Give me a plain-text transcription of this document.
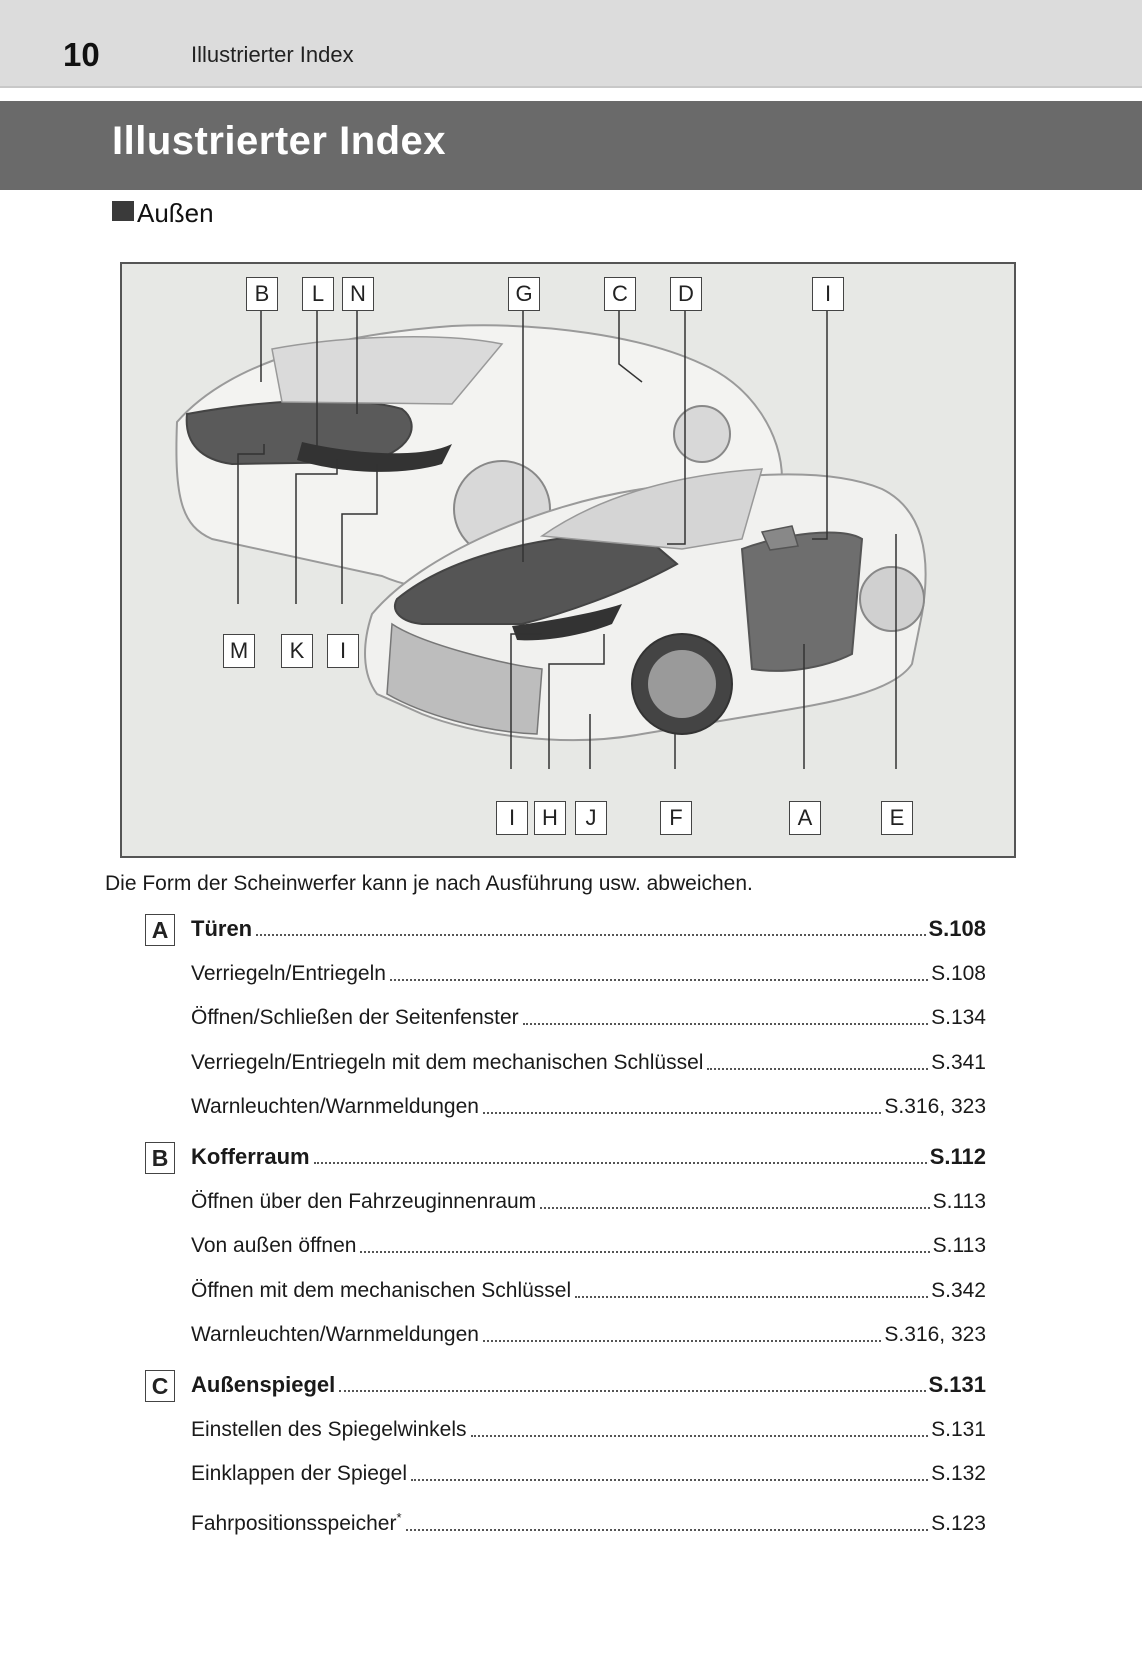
10	Illustrierter Index
Illustrierter Index
Außen
B	L	N	G	C	D	I
M	K	I
I	H	J	F	A	E
Die Form der Scheinwerfer kann je nach Ausführung usw. abweichen.
A	Türen	S.108
Verriegeln/Entriegeln	S.108
Öffnen/Schließen der Seitenfenster	S.134
Verriegeln/Entriegeln mit dem mechanischen Schlüssel	S.341
Warnleuchten/Warnmeldungen	S.316, 323
B	Kofferraum	S.112
Öffnen über den Fahrzeuginnenraum	S.113
Von außen öffnen	S.113
Öffnen mit dem mechanischen Schlüssel	S.342
Warnleuchten/Warnmeldungen	S.316, 323
C	Außenspiegel	S.131
Einstellen des Spiegelwinkels	S.131
Einklappen der Spiegel	S.132
Fahrpositionsspeicher*	S.123
